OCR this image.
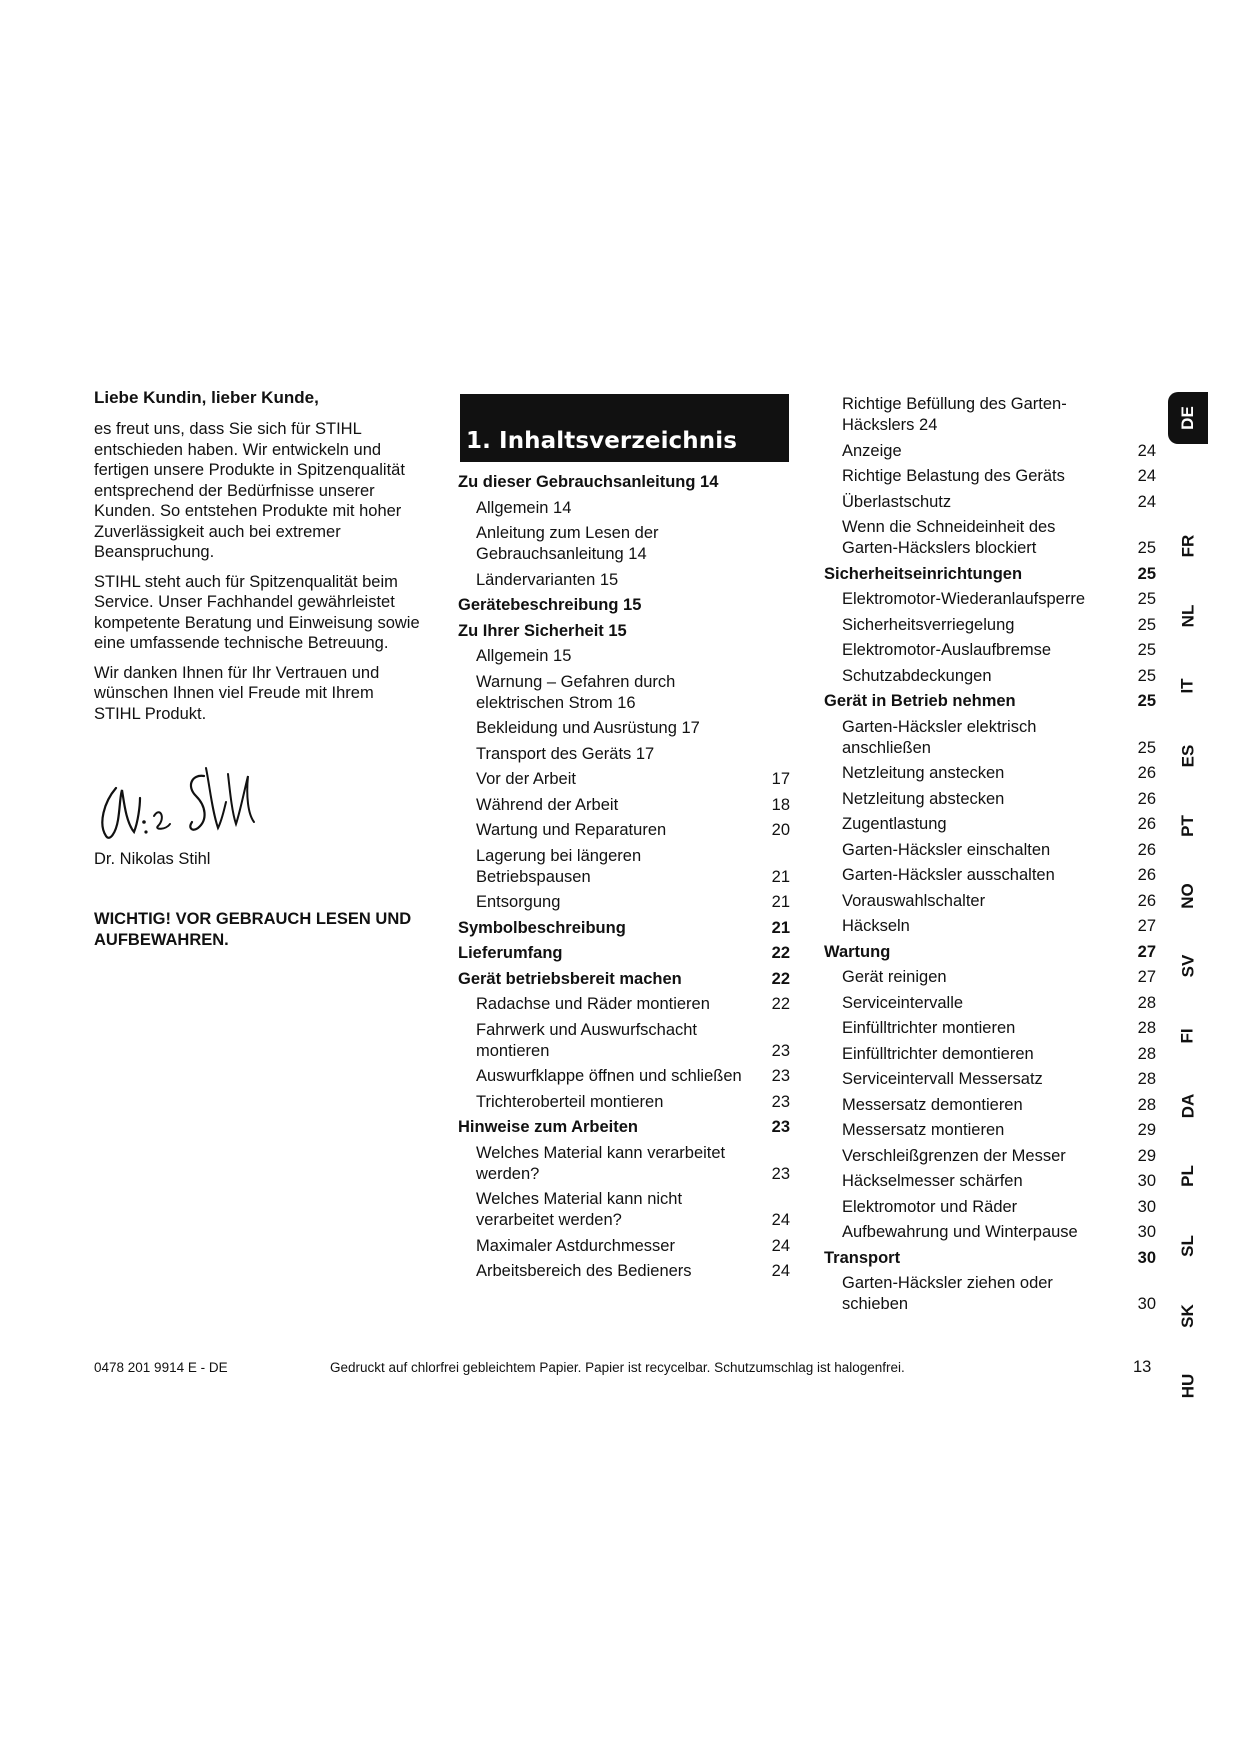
Liebe Kundin, lieber Kunde,

es freut uns, dass Sie sich für STIHL entschieden haben. Wir entwickeln und fertigen unsere Produkte in Spitzenqualität entsprechend der Bedürfnisse unserer Kunden. So entstehen Produkte mit hoher Zuverlässigkeit auch bei extremer Beanspruchung.

STIHL steht auch für Spitzenqualität beim Service. Unser Fachhandel gewährleistet kompetente Beratung und Einweisung sowie eine umfassende technische Betreuung.

Wir danken Ihnen für Ihr Vertrauen und wünschen Ihnen viel Freude mit Ihrem STIHL Produkt.

Dr. Nikolas Stihl
WICHTIG! VOR GEBRAUCH LESEN UND AUFBEWAHREN.
1. Inhaltsverzeichnis
Zu dieser Gebrauchsanleitung 14
Allgemein 14
Anleitung zum Lesen der Gebrauchsanleitung 14
Ländervarianten 15
Gerätebeschreibung 15
Zu Ihrer Sicherheit 15
Allgemein 15
Warnung – Gefahren durch elektrischen Strom 16
Bekleidung und Ausrüstung 17
Transport des Geräts 17
Vor der Arbeit	17
Während der Arbeit	18
Wartung und Reparaturen	20
Lagerung bei längeren Betriebspausen	21
Entsorgung	21
Symbolbeschreibung	21
Lieferumfang	22
Gerät betriebsbereit machen	22
Radachse und Räder montieren	22
Fahrwerk und Auswurfschacht montieren	23
Auswurfklappe öffnen und schließen	23
Trichteroberteil montieren	23
Hinweise zum Arbeiten	23
Welches Material kann verarbeitet werden?	23
Welches Material kann nicht verarbeitet werden?	24
Maximaler Astdurchmesser	24
Arbeitsbereich des Bedieners	24
Richtige Befüllung des Garten-Häckslers 24
Anzeige	24
Richtige Belastung des Geräts	24
Überlastschutz	24
Wenn die Schneideinheit des Garten-Häckslers blockiert	25
Sicherheitseinrichtungen	25
Elektromotor-Wiederanlaufsperre	25
Sicherheitsverriegelung	25
Elektromotor-Auslaufbremse	25
Schutzabdeckungen	25
Gerät in Betrieb nehmen	25
Garten-Häcksler elektrisch anschließen	25
Netzleitung anstecken	26
Netzleitung abstecken	26
Zugentlastung	26
Garten-Häcksler einschalten	26
Garten-Häcksler ausschalten	26
Vorauswahlschalter	26
Häckseln	27
Wartung	27
Gerät reinigen	27
Serviceintervalle	28
Einfülltrichter montieren	28
Einfülltrichter demontieren	28
Serviceintervall Messersatz	28
Messersatz demontieren	28
Messersatz montieren	29
Verschleißgrenzen der Messer	29
Häckselmesser schärfen	30
Elektromotor und Räder	30
Aufbewahrung und Winterpause	30
Transport	30
Garten-Häcksler ziehen oder schieben	30
DE
FR
NL
IT
ES
PT
NO
SV
FI
DA
PL
SL
SK
HU
0478 201 9914 E - DE	Gedruckt auf chlorfrei gebleichtem Papier. Papier ist recycelbar. Schutzumschlag ist halogenfrei.	13
